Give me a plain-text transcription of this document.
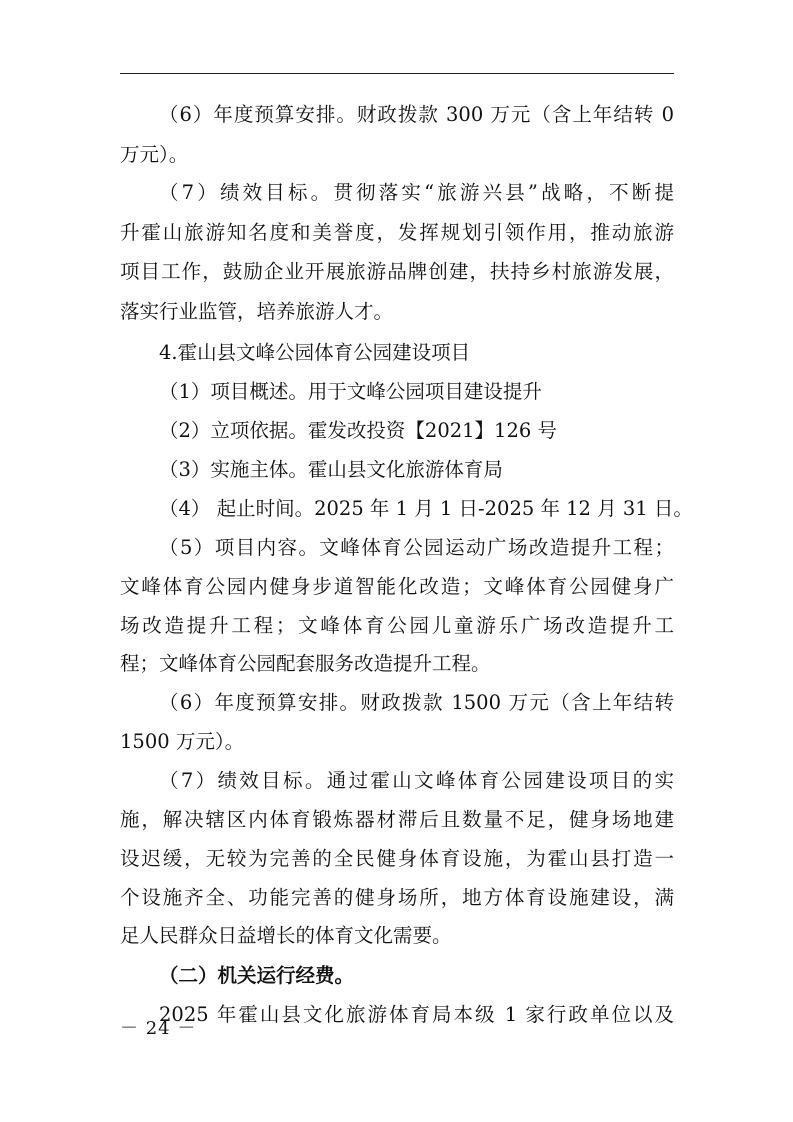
（6）年度预算安排。财政拨款 300 万元（含上年结转 0
万元）。
（7）绩效目标。贯彻落实“旅游兴县”战略，不断提
升霍山旅游知名度和美誉度，发挥规划引领作用，推动旅游
项目工作，鼓励企业开展旅游品牌创建，扶持乡村旅游发展，
落实行业监管，培养旅游人才。
4.霍山县文峰公园体育公园建设项目
（1）项目概述。用于文峰公园项目建设提升
（2）立项依据。霍发改投资【2021】126 号
（3）实施主体。霍山县文化旅游体育局
（4） 起止时间。2025 年 1 月 1 日-2025 年 12 月 31 日。
（5）项目内容。文峰体育公园运动广场改造提升工程；
文峰体育公园内健身步道智能化改造；文峰体育公园健身广
场改造提升工程；文峰体育公园儿童游乐广场改造提升工
程；文峰体育公园配套服务改造提升工程。
（6）年度预算安排。财政拨款 1500 万元（含上年结转
1500 万元）。
（7）绩效目标。通过霍山文峰体育公园建设项目的实
施，解决辖区内体育锻炼器材滞后且数量不足，健身场地建
设迟缓，无较为完善的全民健身体育设施，为霍山县打造一
个设施齐全、功能完善的健身场所，地方体育设施建设，满
足人民群众日益增长的体育文化需要。
（二）机关运行经费。
2025 年霍山县文化旅游体育局本级 1 家行政单位以及
－ 24 －
